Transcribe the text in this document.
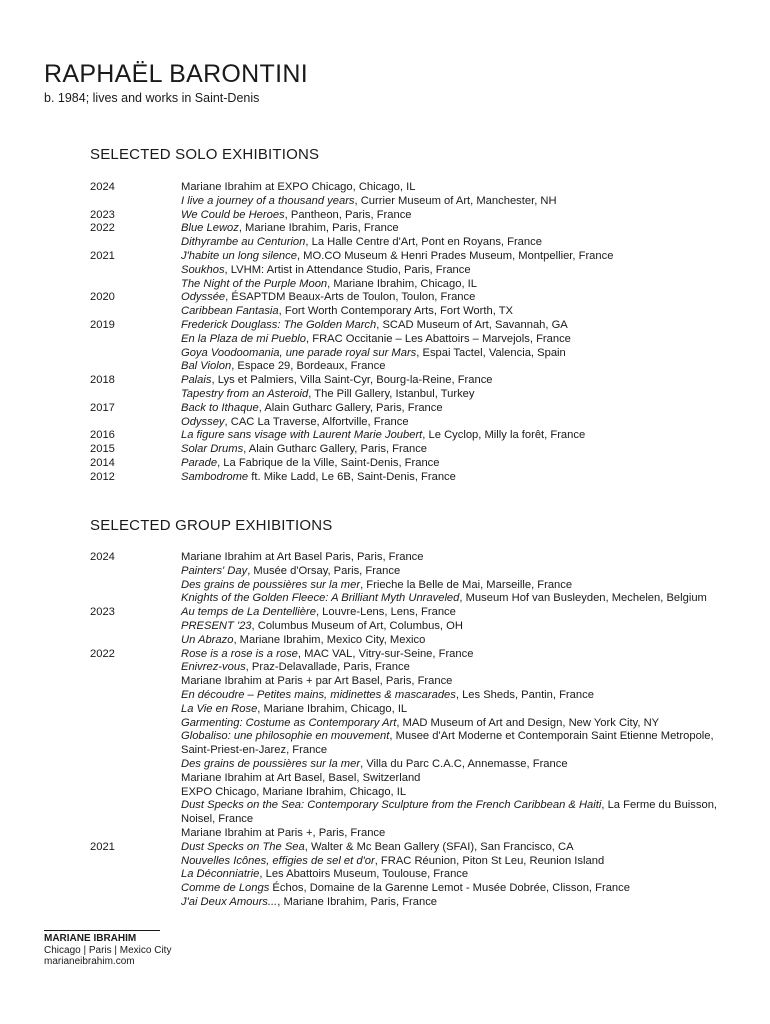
RAPHAËL BARONTINI

b. 1984; lives and works in Saint-Denis

SELECTED SOLO EXHIBITIONS
2024	Mariane Ibrahim at EXPO Chicago, Chicago, IL
I live a journey of a thousand years, Currier Museum of Art, Manchester, NH
2023	We Could be Heroes, Pantheon, Paris, France
2022	Blue Lewoz, Mariane Ibrahim, Paris, France
Dithyrambe au Centurion, La Halle Centre d'Art, Pont en Royans, France
2021	J'habite un long silence, MO.CO Museum & Henri Prades Museum, Montpellier, France
Soukhos, LVHM: Artist in Attendance Studio, Paris, France
The Night of the Purple Moon, Mariane Ibrahim, Chicago, IL
2020	Odyssée, ÉSAPTDM Beaux-Arts de Toulon, Toulon, France
Caribbean Fantasia, Fort Worth Contemporary Arts, Fort Worth, TX
2019	Frederick Douglass: The Golden March, SCAD Museum of Art, Savannah, GA
En la Plaza de mi Pueblo, FRAC Occitanie – Les Abattoirs – Marvejols, France
Goya Voodoomania, une parade royal sur Mars, Espai Tactel, Valencia, Spain
Bal Violon, Espace 29, Bordeaux, France
2018	Palais, Lys et Palmiers, Villa Saint-Cyr, Bourg-la-Reine, France
Tapestry from an Asteroid, The Pill Gallery, Istanbul, Turkey
2017	Back to Ithaque, Alain Gutharc Gallery, Paris, France
Odyssey, CAC La Traverse, Alfortville, France
2016	La figure sans visage with Laurent Marie Joubert, Le Cyclop, Milly la forêt, France
2015	Solar Drums, Alain Gutharc Gallery, Paris, France
2014	Parade, La Fabrique de la Ville, Saint-Denis, France
2012	Sambodrome ft. Mike Ladd, Le 6B, Saint-Denis, France
SELECTED GROUP EXHIBITIONS
2024	Mariane Ibrahim at Art Basel Paris, Paris, France
Painters' Day, Musée d'Orsay, Paris, France
Des grains de poussières sur la mer, Frieche la Belle de Mai, Marseille, France
Knights of the Golden Fleece: A Brilliant Myth Unraveled, Museum Hof van Busleyden, Mechelen, Belgium
2023	Au temps de La Dentellière, Louvre-Lens, Lens, France
PRESENT '23, Columbus Museum of Art, Columbus, OH
Un Abrazo, Mariane Ibrahim, Mexico City, Mexico
2022	Rose is a rose is a rose, MAC VAL, Vitry-sur-Seine, France
Enivrez-vous, Praz-Delavallade, Paris, France
Mariane Ibrahim at Paris + par Art Basel, Paris, France
En découdre – Petites mains, midinettes & mascarades, Les Sheds, Pantin, France
La Vie en Rose, Mariane Ibrahim, Chicago, IL
Garmenting: Costume as Contemporary Art, MAD Museum of Art and Design, New York City, NY
Globaliso: une philosophie en mouvement, Musee d'Art Moderne et Contemporain Saint Etienne Metropole, Saint-Priest-en-Jarez, France
Des grains de poussières sur la mer, Villa du Parc C.A.C, Annemasse, France
Mariane Ibrahim at Art Basel, Basel, Switzerland
EXPO Chicago, Mariane Ibrahim, Chicago, IL
Dust Specks on the Sea: Contemporary Sculpture from the French Caribbean & Haiti, La Ferme du Buisson, Noisel, France
Mariane Ibrahim at Paris +, Paris, France
2021	Dust Specks on The Sea, Walter & Mc Bean Gallery (SFAI), San Francisco, CA
Nouvelles Icônes, effigies de sel et d'or, FRAC Réunion, Piton St Leu, Reunion Island
La Déconniatrie, Les Abattoirs Museum, Toulouse, France
Comme de Longs Échos, Domaine de la Garenne Lemot - Musée Dobrée, Clisson, France
J'ai Deux Amours..., Mariane Ibrahim, Paris, France

MARIANE IBRAHIM

Chicago | Paris | Mexico City

marianeibrahim.com
